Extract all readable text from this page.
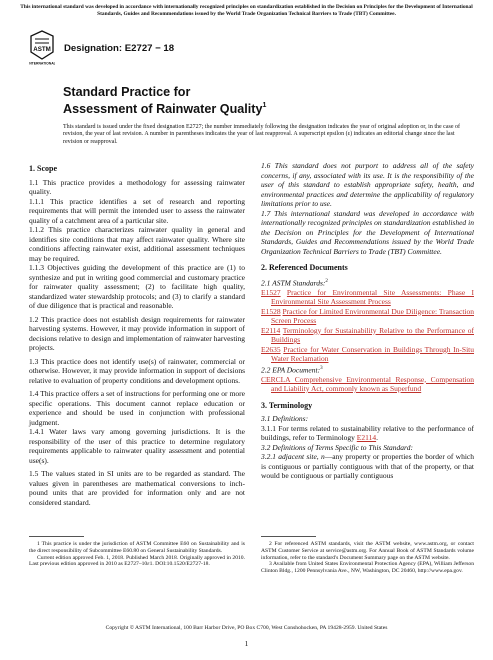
This international standard was developed in accordance with internationally recognized principles on standardization established in the Decision on Principles for the Development of International Standards, Guides and Recommendations issued by the World Trade Organization Technical Barriers to Trade (TBT) Committee.
ASTM
INTERNATIONAL
Designation: E2727 − 18
Standard Practice for
Assessment of Rainwater Quality$^1$
This standard is issued under the fixed designation E2727; the number immediately following the designation indicates the year of original adoption or, in the case of revision, the year of last revision. A number in parentheses indicates the year of last reapproval. A superscript epsilon (ε) indicates an editorial change since the last revision or reapproval.

1. Scope

1.1 This practice provides a methodology for assessing rainwater quality.

1.1.1 This practice identifies a set of research and reporting requirements that will permit the intended user to assess the rainwater quality of a catchment area of a particular site.

1.1.2 This practice characterizes rainwater quality in general and identifies site conditions that may affect rainwater quality. Where site conditions affecting rainwater exist, additional assessment techniques may be required.

1.1.3 Objectives guiding the development of this practice are (1) to synthesize and put in writing good commercial and customary practice for rainwater quality assessment; (2) to facilitate high quality, standardized water stewardship protocols; and (3) to clarify a standard of due diligence that is practical and reasonable.

1.2 This practice does not establish design requirements for rainwater harvesting systems. However, it may provide information in support of decisions relative to design and implementation of rainwater harvesting projects.

1.3 This practice does not identify use(s) of rainwater, commercial or otherwise. However, it may provide information in support of decisions relative to evaluation of property conditions and development options.

1.4 This practice offers a set of instructions for performing one or more specific operations. This document cannot replace education or experience and should be used in conjunction with professional judgment.

1.4.1 Water laws vary among governing jurisdictions. It is the responsibility of the user of this practice to determine regulatory requirements applicable to rainwater quality assessment and potential use(s).

1.5 The values stated in SI units are to be regarded as standard. The values given in parentheses are mathematical conversions to inch-pound units that are provided for information only and are not considered standard.

1.6 This standard does not purport to address all of the safety concerns, if any, associated with its use. It is the responsibility of the user of this standard to establish appropriate safety, health, and environmental practices and determine the applicability of regulatory limitations prior to use.

1.7 This international standard was developed in accordance with internationally recognized principles on standardization established in the Decision on Principles for the Development of International Standards, Guides and Recommendations issued by the World Trade Organization Technical Barriers to Trade (TBT) Committee.

2. Referenced Documents

2.1 ASTM Standards:$^2$

E1527 Practice for Environmental Site Assessments: Phase I Environmental Site Assessment Process

E1528 Practice for Limited Environmental Due Diligence: Transaction Screen Process

E2114 Terminology for Sustainability Relative to the Performance of Buildings

E2635 Practice for Water Conservation in Buildings Through In-Situ Water Reclamation

2.2 EPA Document:$^3$

CERCLA Comprehensive Environmental Response, Compensation and Liability Act, commonly known as Superfund

3. Terminology

3.1 Definitions:

3.1.1 For terms related to sustainability relative to the performance of buildings, refer to Terminology E2114.

3.2 Definitions of Terms Specific to This Standard:

3.2.1 adjacent site, n—any property or properties the border of which is contiguous or partially contiguous with that of the property, or that would be contiguous or partially contiguous

1 This practice is under the jurisdiction of ASTM Committee E60 on Sustainability and is the direct responsibility of Subcommittee E60.80 on General Sustainability Standards.

Current edition approved Feb. 1, 2018. Published March 2018. Originally approved in 2010. Last previous edition approved in 2010 as E2727–10ε1. DOI:10.1520/E2727-18.

2 For referenced ASTM standards, visit the ASTM website, www.astm.org, or contact ASTM Customer Service at service@astm.org. For Annual Book of ASTM Standards volume information, refer to the standard's Document Summary page on the ASTM website.

3 Available from United States Environmental Protection Agency (EPA), William Jefferson Clinton Bldg., 1200 Pennsylvania Ave., NW, Washington, DC 20460, http://www.epa.gov.

Copyright © ASTM International, 100 Barr Harbor Drive, PO Box C700, West Conshohocken, PA 19428-2959. United States
1
